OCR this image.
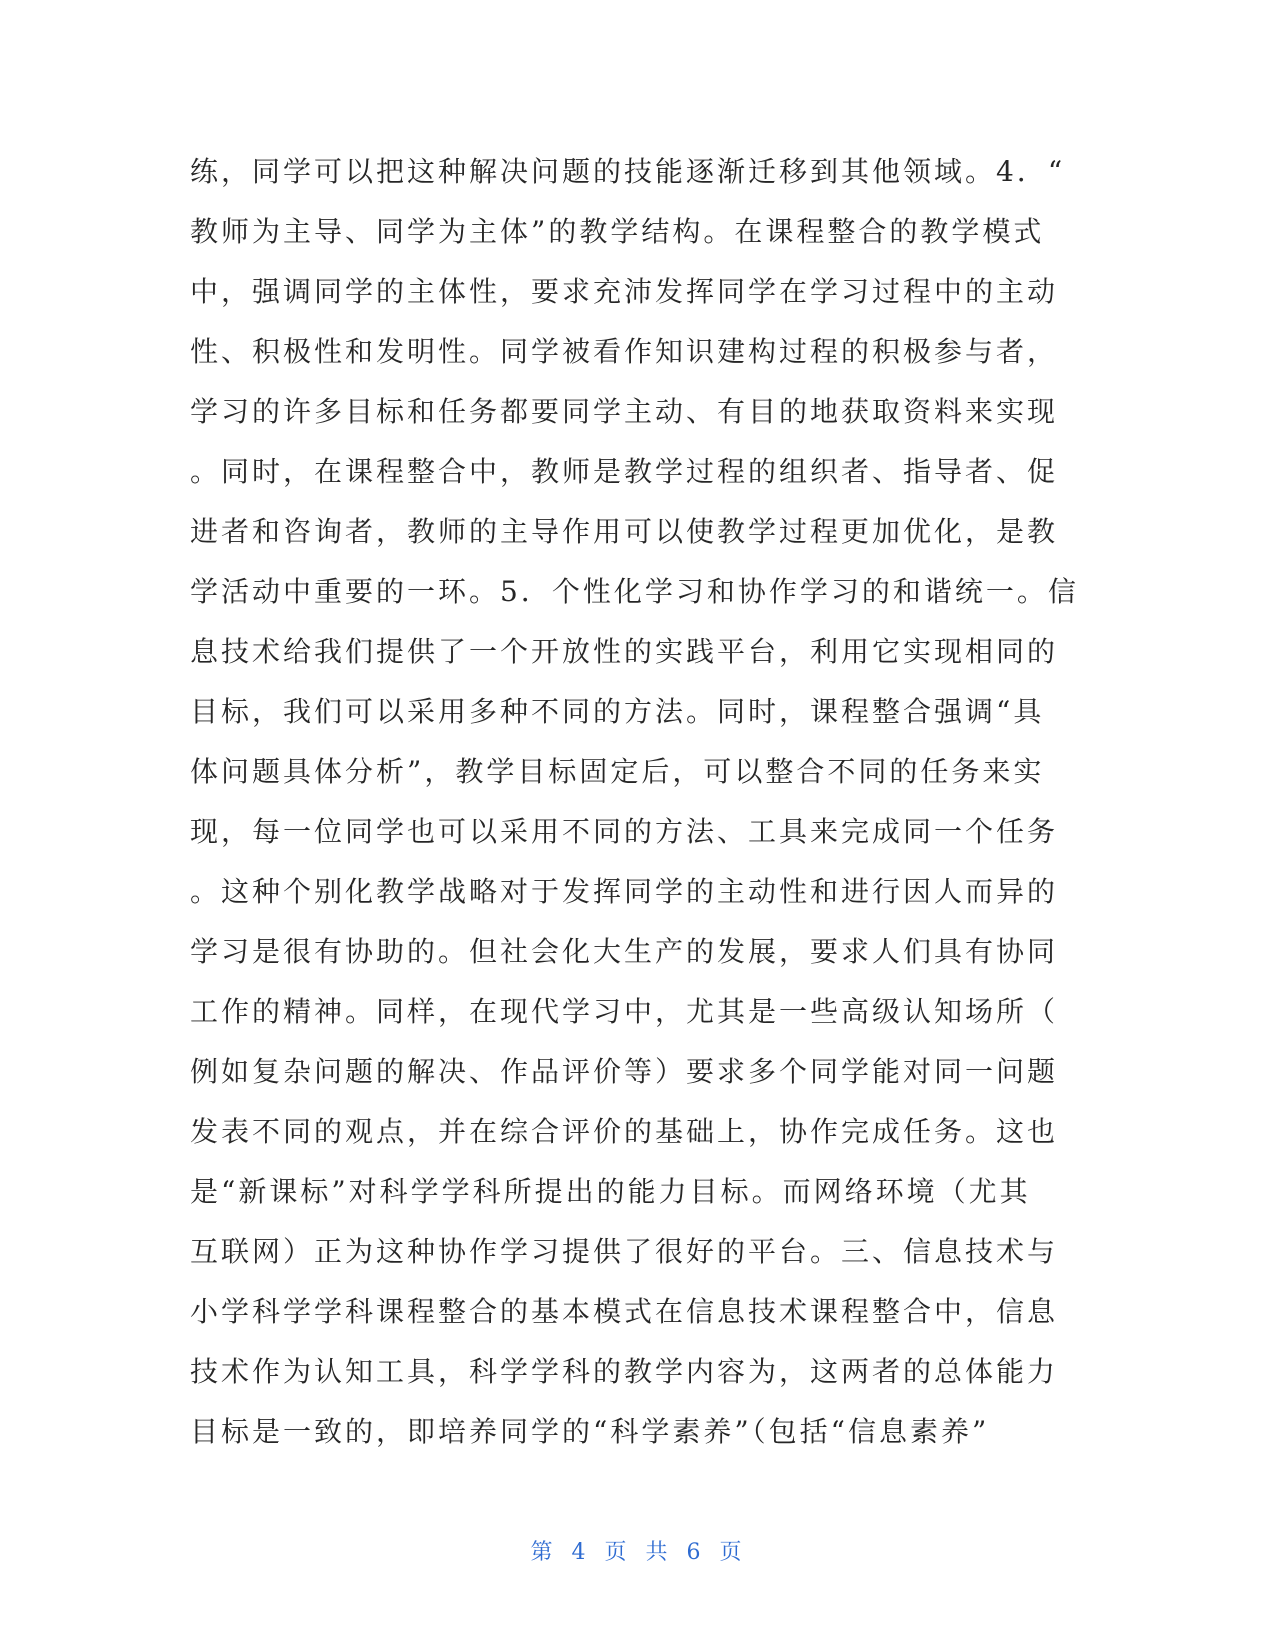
练，同学可以把这种解决问题的技能逐渐迁移到其他领域。4．“
教师为主导、同学为主体”的教学结构。在课程整合的教学模式
中，强调同学的主体性，要求充沛发挥同学在学习过程中的主动
性、积极性和发明性。同学被看作知识建构过程的积极参与者，
学习的许多目标和任务都要同学主动、有目的地获取资料来实现
。同时，在课程整合中，教师是教学过程的组织者、指导者、促
进者和咨询者，教师的主导作用可以使教学过程更加优化，是教
学活动中重要的一环。5．个性化学习和协作学习的和谐统一。信
息技术给我们提供了一个开放性的实践平台，利用它实现相同的
目标，我们可以采用多种不同的方法。同时，课程整合强调“具
体问题具体分析”，教学目标固定后，可以整合不同的任务来实
现，每一位同学也可以采用不同的方法、工具来完成同一个任务
。这种个别化教学战略对于发挥同学的主动性和进行因人而异的
学习是很有协助的。但社会化大生产的发展，要求人们具有协同
工作的精神。同样，在现代学习中，尤其是一些高级认知场所（
例如复杂问题的解决、作品评价等）要求多个同学能对同一问题
发表不同的观点，并在综合评价的基础上，协作完成任务。这也
是“新课标”对科学学科所提出的能力目标。而网络环境（尤其
互联网）正为这种协作学习提供了很好的平台。三、信息技术与
小学科学学科课程整合的基本模式在信息技术课程整合中，信息
技术作为认知工具，科学学科的教学内容为，这两者的总体能力
目标是一致的，即培养同学的“科学素养”（包括“信息素养”
第 4 页 共 6 页
